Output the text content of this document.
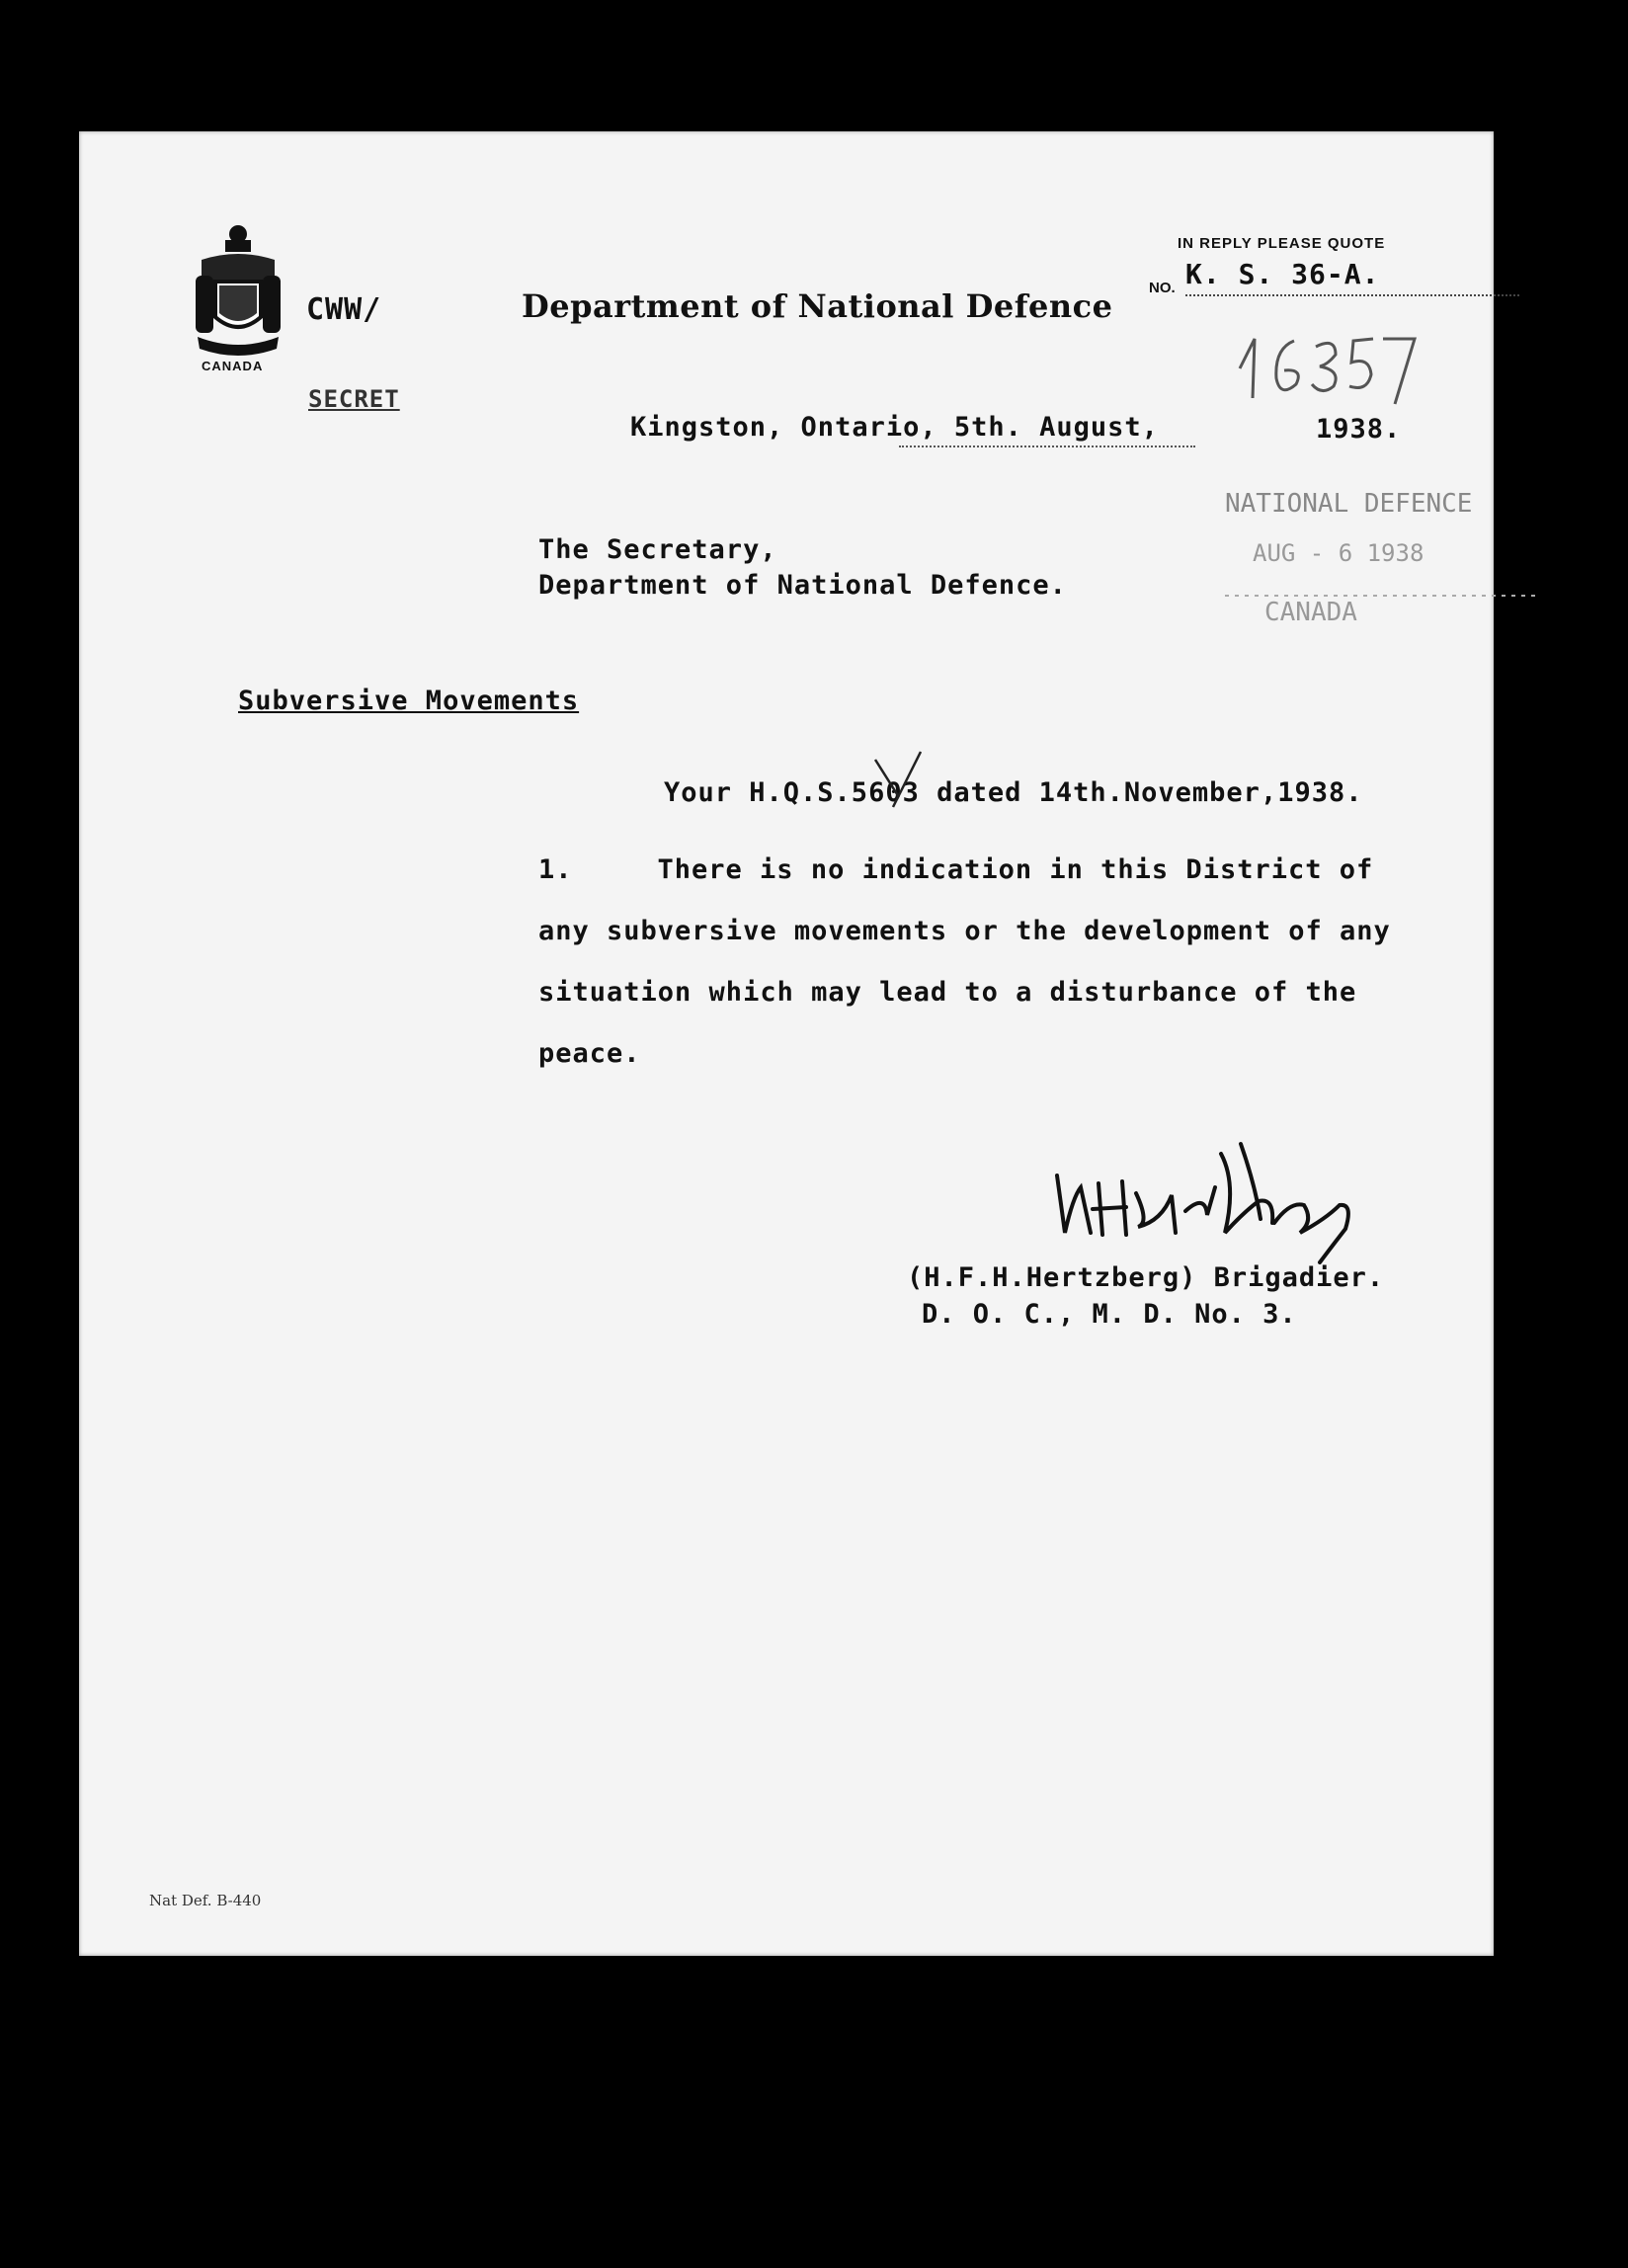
CANADA
CWW/	Department of National Defence
IN REPLY PLEASE QUOTE
NO. K. S. 36-A.
SECRET
Kingston, Ontario, 5th. August,	1938.
NATIONAL DEFENCE
AUG - 6 1938
CANADA
The Secretary,
Department of National Defence.
Subversive Movements
Your H.Q.S.5603 dated 14th.November,1938.
1.	There is no indication in this District of
any subversive movements or the development of any
situation which may lead to a disturbance of the
peace.
(H.F.H.Hertzberg) Brigadier.
D. O. C., M. D. No. 3.
Nat Def. B-440
